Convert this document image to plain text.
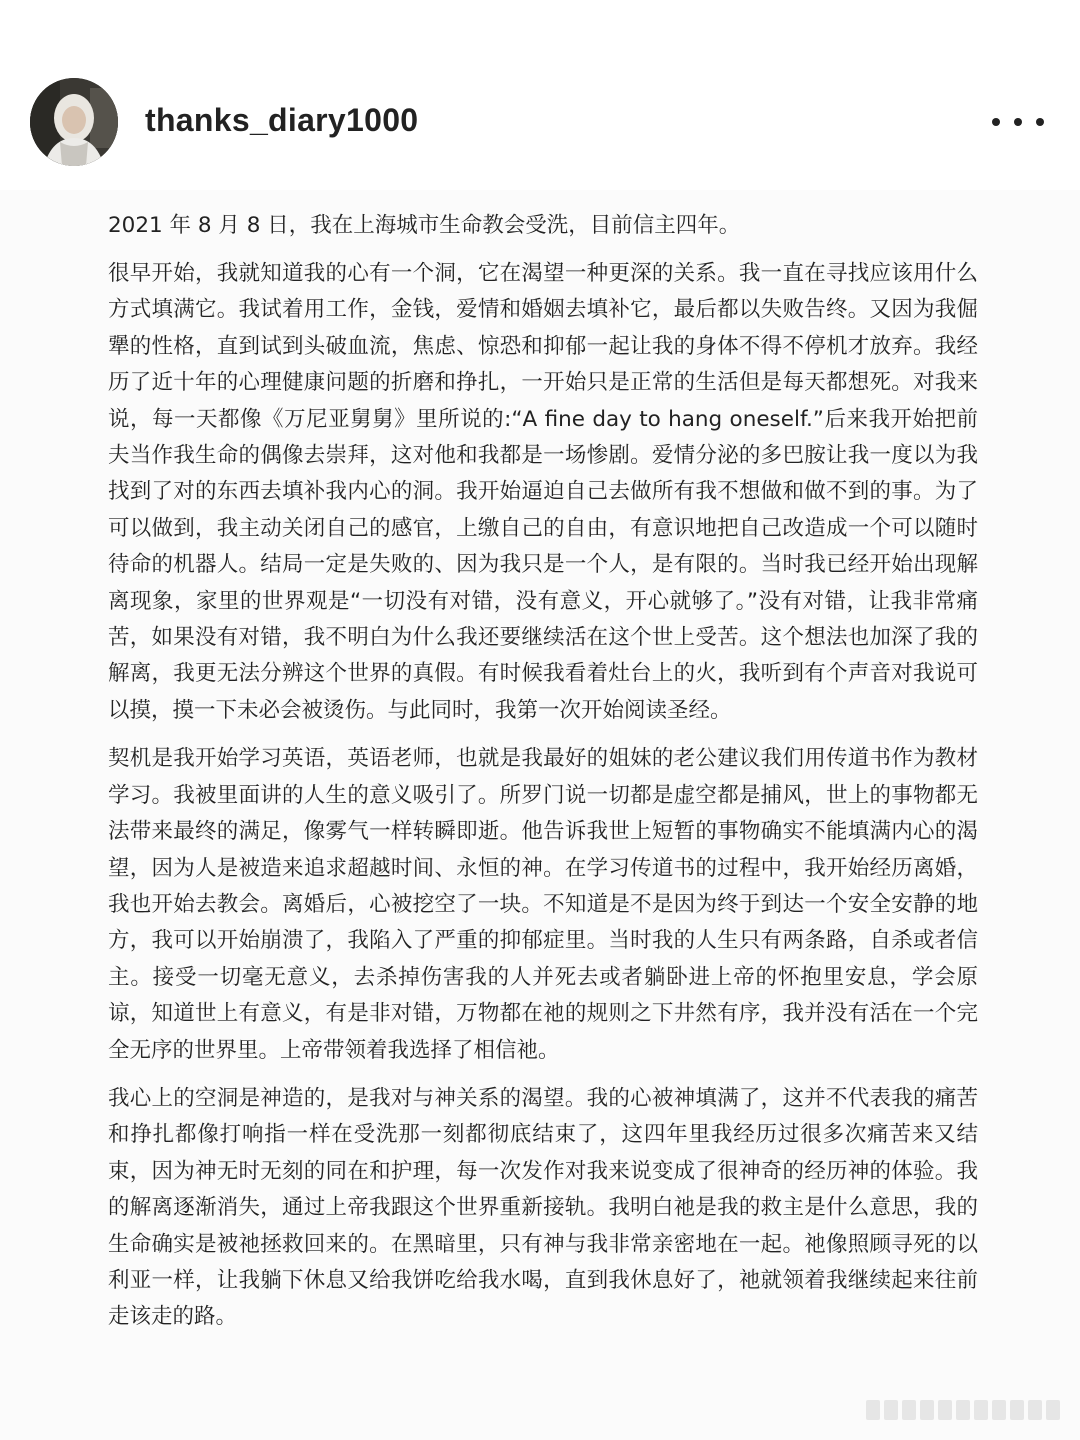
thanks_diary1000
2021 年 8 月 8 日，我在上海城市生命教会受洗，目前信主四年。

很早开始，我就知道我的心有一个洞，它在渴望一种更深的关系。我一直在寻找应该用什么方式填满它。我试着用工作，金钱，爱情和婚姻去填补它，最后都以失败告终。又因为我倔犟的性格，直到试到头破血流，焦虑、惊恐和抑郁一起让我的身体不得不停机才放弃。我经历了近十年的心理健康问题的折磨和挣扎，一开始只是正常的生活但是每天都想死。对我来说，每一天都像《万尼亚舅舅》里所说的:“A fine day to hang oneself.”后来我开始把前夫当作我生命的偶像去崇拜，这对他和我都是一场惨剧。爱情分泌的多巴胺让我一度以为我找到了对的东西去填补我内心的洞。我开始逼迫自己去做所有我不想做和做不到的事。为了可以做到，我主动关闭自己的感官，上缴自己的自由，有意识地把自己改造成一个可以随时待命的机器人。结局一定是失败的、因为我只是一个人，是有限的。当时我已经开始出现解离现象，家里的世界观是“一切没有对错，没有意义，开心就够了。”没有对错，让我非常痛苦，如果没有对错，我不明白为什么我还要继续活在这个世上受苦。这个想法也加深了我的解离，我更无法分辨这个世界的真假。有时候我看着灶台上的火，我听到有个声音对我说可以摸，摸一下未必会被烫伤。与此同时，我第一次开始阅读圣经。

契机是我开始学习英语，英语老师，也就是我最好的姐妹的老公建议我们用传道书作为教材学习。我被里面讲的人生的意义吸引了。所罗门说一切都是虚空都是捕风，世上的事物都无法带来最终的满足，像雾气一样转瞬即逝。他告诉我世上短暂的事物确实不能填满内心的渴望，因为人是被造来追求超越时间、永恒的神。在学习传道书的过程中，我开始经历离婚，我也开始去教会。离婚后，心被挖空了一块。不知道是不是因为终于到达一个安全安静的地方，我可以开始崩溃了，我陷入了严重的抑郁症里。当时我的人生只有两条路，自杀或者信主。接受一切毫无意义，去杀掉伤害我的人并死去或者躺卧进上帝的怀抱里安息，学会原谅，知道世上有意义，有是非对错，万物都在祂的规则之下井然有序，我并没有活在一个完全无序的世界里。上帝带领着我选择了相信祂。

我心上的空洞是神造的，是我对与神关系的渴望。我的心被神填满了，这并不代表我的痛苦和挣扎都像打响指一样在受洗那一刻都彻底结束了，这四年里我经历过很多次痛苦来又结束，因为神无时无刻的同在和护理，每一次发作对我来说变成了很神奇的经历神的体验。我的解离逐渐消失，通过上帝我跟这个世界重新接轨。我明白祂是我的救主是什么意思，我的生命确实是被祂拯救回来的。在黑暗里，只有神与我非常亲密地在一起。祂像照顾寻死的以利亚一样，让我躺下休息又给我饼吃给我水喝，直到我休息好了，祂就领着我继续起来往前走该走的路。
